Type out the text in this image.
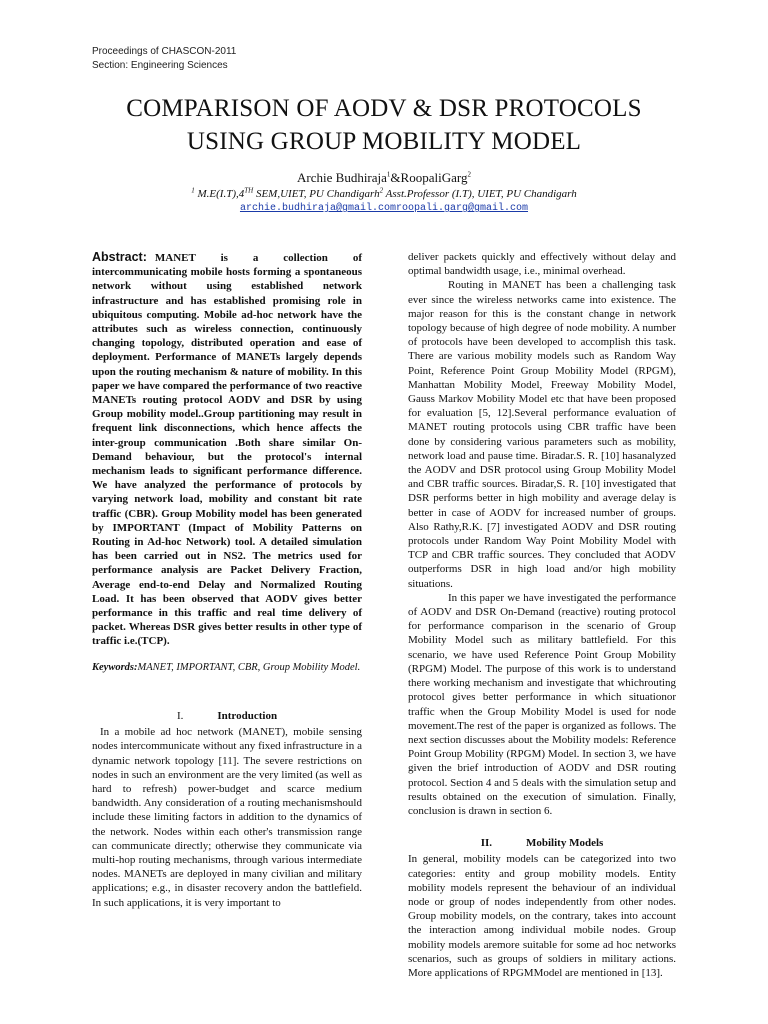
Proceedings of CHASCON-2011
Section: Engineering Sciences
COMPARISON OF AODV & DSR PROTOCOLS
USING GROUP MOBILITY MODEL
Archie Budhiraja$^1$&RoopaliGarg$^2$
$^1$ M.E(I.T),4TH SEM,UIET, PU Chandigarh$^2$ Asst.Professor (I.T), UIET, PU Chandigarh
archie.budhiraja@gmail.comroopali.garg@gmail.com

Abstract: MANET is a collection of intercommunicating mobile hosts forming a spontaneous network without using established network infrastructure and has established promising role in ubiquitous computing. Mobile ad-hoc network have the attributes such as wireless connection, continuously changing topology, distributed operation and ease of deployment. Performance of MANETs largely depends upon the routing mechanism & nature of mobility. In this paper we have compared the performance of two reactive MANETs routing protocol AODV and DSR by using Group mobility model..Group partitioning may result in frequent link disconnections, which hence affects the inter-group communication .Both share similar On-Demand behaviour, but the protocol's internal mechanism leads to significant performance difference. We have analyzed the performance of protocols by varying network load, mobility and constant bit rate traffic (CBR). Group Mobility model has been generated by IMPORTANT (Impact of Mobility Patterns on Routing in Ad-hoc Network) tool. A detailed simulation has been carried out in NS2. The metrics used for performance analysis are Packet Delivery Fraction, Average end-to-end Delay and Normalized Routing Load. It has been observed that AODV gives better performance in this traffic and real time delivery of packet. Whereas DSR gives better results in other type of traffic i.e.(TCP).

Keywords:MANET, IMPORTANT, CBR, Group Mobility Model.

I.	Introduction

In a mobile ad hoc network (MANET), mobile sensing nodes intercommunicate without any fixed infrastructure in a dynamic network topology [11]. The severe restrictions on nodes in such an environment are the very limited (as well as hard to refresh) power-budget and scarce medium bandwidth. Any consideration of a routing mechanismshould include these limiting factors in addition to the dynamics of the network. Nodes within each other's transmission range can communicate directly; otherwise they communicate via multi-hop routing mechanisms, through various intermediate nodes. MANETs are deployed in many civilian and military applications; e.g., in disaster recovery andon the battlefield. In such applications, it is very important to

deliver packets quickly and effectively without delay and optimal bandwidth usage, i.e., minimal overhead.

Routing in MANET has been a challenging task ever since the wireless networks came into existence. The major reason for this is the constant change in network topology because of high degree of node mobility. A number of protocols have been developed to accomplish this task. There are various mobility models such as Random Way Point, Reference Point Group Mobility Model (RPGM), Manhattan Mobility Model, Freeway Mobility Model, Gauss Markov Mobility Model etc that have been proposed for evaluation [5, 12].Several performance evaluation of MANET routing protocols using CBR traffic have been done by considering various parameters such as mobility, network load and pause time. Biradar.S. R. [10] hasanalyzed the AODV and DSR protocol using Group Mobility Model and CBR traffic sources. Biradar,S. R. [10] investigated that DSR performs better in high mobility and average delay is better in case of AODV for increased number of groups. Also Rathy,R.K. [7] investigated AODV and DSR routing protocols under Random Way Point Mobility Model with TCP and CBR traffic sources. They concluded that AODV outperforms DSR in high load and/or high mobility situations.

In this paper we have investigated the performance of AODV and DSR On-Demand (reactive) routing protocol for performance comparison in the scenario of Group Mobility Model such as military battlefield. For this scenario, we have used Reference Point Group Mobility (RPGM) Model. The purpose of this work is to understand there working mechanism and investigate that whichrouting protocol gives better performance in which situationor traffic when the Group Mobility Model is used for node movement.The rest of the paper is organized as follows. The next section discusses about the Mobility models: Reference Point Group Mobility (RPGM) Model. In section 3, we have given the brief introduction of AODV and DSR routing protocol. Section 4 and 5 deals with the simulation setup and results obtained on the execution of simulation. Finally, conclusion is drawn in section 6.

II.	Mobility Models

In general, mobility models can be categorized into two categories: entity and group mobility models. Entity mobility models represent the behaviour of an individual node or group of nodes independently from other nodes. Group mobility models, on the contrary, takes into account the interaction among individual mobile nodes. Group mobility models aremore suitable for some ad hoc networks scenarios, such as groups of soldiers in military actions. More applications of RPGMModel are mentioned in [13].
